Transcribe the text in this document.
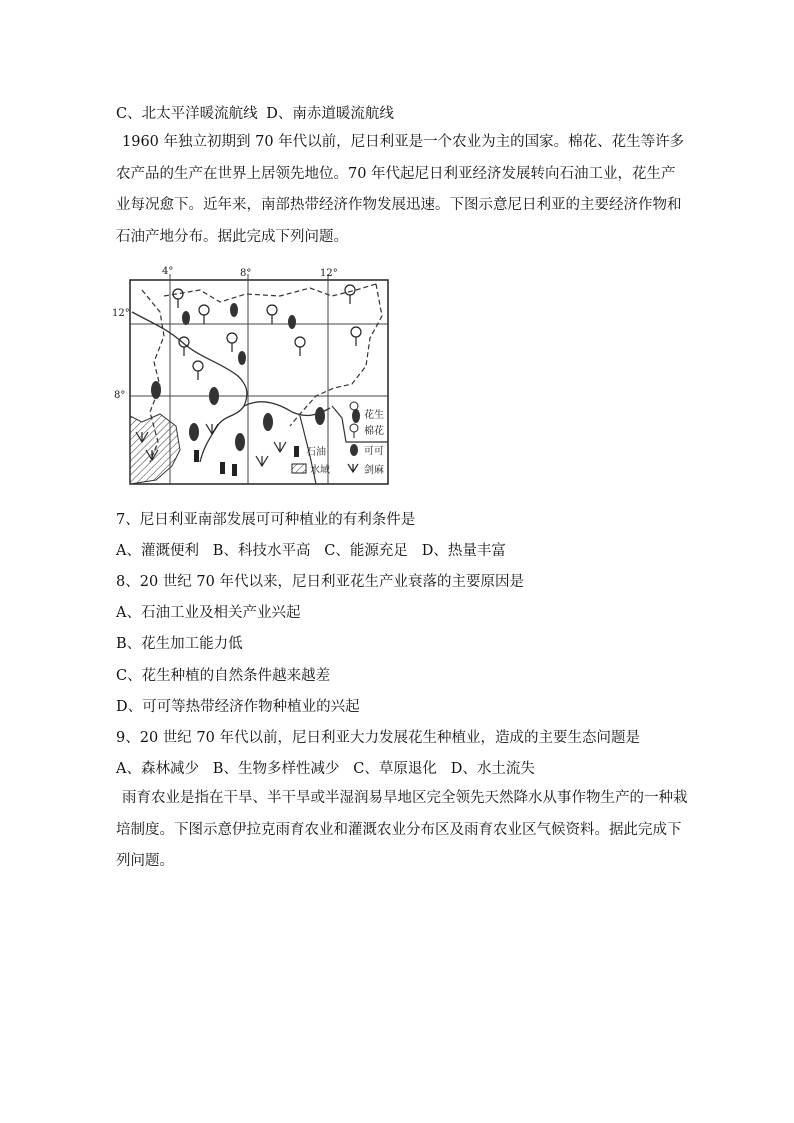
C、北太平洋暖流航线 D、南赤道暖流航线
1960 年独立初期到 70 年代以前，尼日利亚是一个农业为主的国家。棉花、花生等许多农产品的生产在世界上居领先地位。70 年代起尼日利亚经济发展转向石油工业，花生产业每况愈下。近年来，南部热带经济作物发展迅速。下图示意尼日利亚的主要经济作物和石油产地分布。据此完成下列问题。
4°	8°	12°
12°
8°
花生
棉花
可可
石油
水域	剑麻
7、尼日利亚南部发展可可种植业的有利条件是
A、灌溉便利   B、科技水平高   C、能源充足   D、热量丰富
8、20 世纪 70 年代以来，尼日利亚花生产业衰落的主要原因是
A、石油工业及相关产业兴起
B、花生加工能力低
C、花生种植的自然条件越来越差
D、可可等热带经济作物种植业的兴起
9、20 世纪 70 年代以前，尼日利亚大力发展花生种植业，造成的主要生态问题是
A、森林减少   B、生物多样性减少   C、草原退化   D、水土流失
雨育农业是指在干旱、半干旱或半湿润易旱地区完全领先天然降水从事作物生产的一种栽培制度。下图示意伊拉克雨育农业和灌溉农业分布区及雨育农业区气候资料。据此完成下列问题。
